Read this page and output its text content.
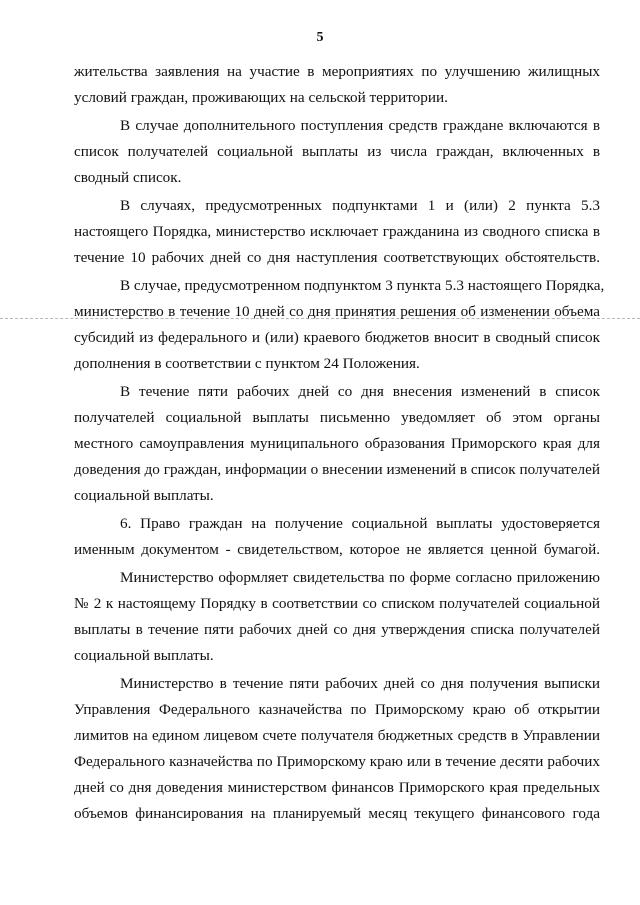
5
жительства заявления на участие в мероприятиях по улучшению жилищных
условий граждан, проживающих на сельской территории.
В случае дополнительного поступления средств граждане включаются в
список получателей социальной выплаты из числа граждан, включенных в
сводный список.
В случаях, предусмотренных подпунктами 1 и (или) 2 пункта 5.3
настоящего Порядка, министерство исключает гражданина из сводного списка в
течение 10 рабочих дней со дня наступления соответствующих обстоятельств.
В случае, предусмотренном подпунктом 3 пункта 5.3 настоящего Порядка,
министерство в течение 10 дней со дня принятия решения об изменении объема
субсидий из федерального и (или) краевого бюджетов вносит в сводный список
дополнения в соответствии с пунктом 24 Положения.
В течение пяти рабочих дней со дня внесения изменений в список
получателей социальной выплаты письменно уведомляет об этом органы
местного самоуправления муниципального образования Приморского края для
доведения до граждан, информации о внесении изменений в список получателей
социальной выплаты.
6. Право граждан на получение социальной выплаты удостоверяется
именным документом - свидетельством, которое не является ценной бумагой.
Министерство оформляет свидетельства по форме согласно приложению
№ 2 к настоящему Порядку в соответствии со списком получателей социальной
выплаты в течение пяти рабочих дней со дня утверждения списка получателей
социальной выплаты.
Министерство в течение пяти рабочих дней со дня получения выписки
Управления Федерального казначейства по Приморскому краю об открытии
лимитов на едином лицевом счете получателя бюджетных средств в Управлении
Федерального казначейства по Приморскому краю или в течение десяти рабочих
дней со дня доведения министерством финансов Приморского края предельных
объемов финансирования на планируемый месяц текущего финансового года
